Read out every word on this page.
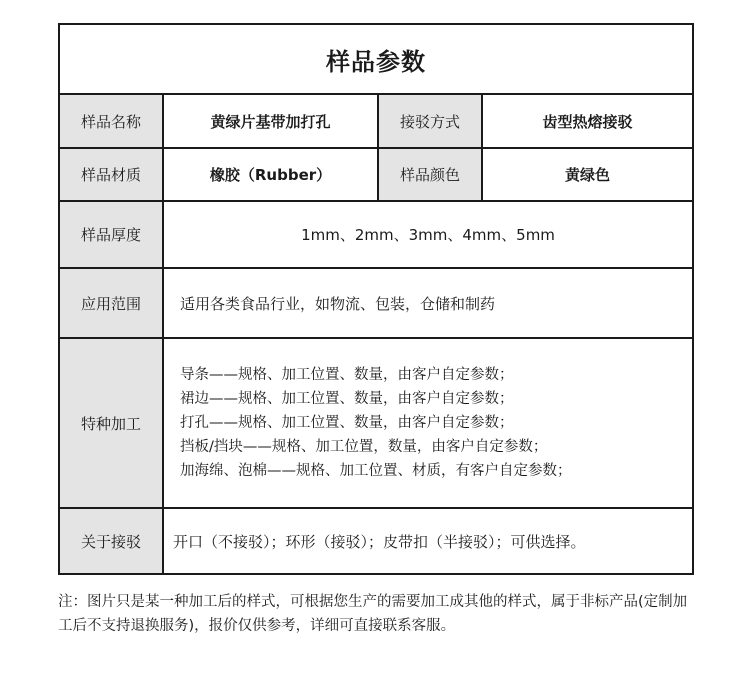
样品参数			
样品名称	黄绿片基带加打孔	接驳方式	齿型热熔接驳
样品材质	橡胶（Rubber）	样品颜色	黄绿色
样品厚度	1mm、2mm、3mm、4mm、5mm		
应用范围	适用各类食品行业，如物流、包装，仓储和制药		
特种加工	导条——规格、加工位置、数量，由客户自定参数；
裙边——规格、加工位置、数量，由客户自定参数；
打孔——规格、加工位置、数量，由客户自定参数；
挡板/挡块——规格、加工位置，数量，由客户自定参数；
加海绵、泡棉——规格、加工位置、材质，有客户自定参数；		

关于接驳	开口（不接驳）；环形（接驳）；皮带扣（半接驳）；可供选择。		
注：图片只是某一种加工后的样式，可根据您生产的需要加工成其他的样式，属于非标产品(定制加工后不支持退换服务)，报价仅供参考，详细可直接联系客服。
